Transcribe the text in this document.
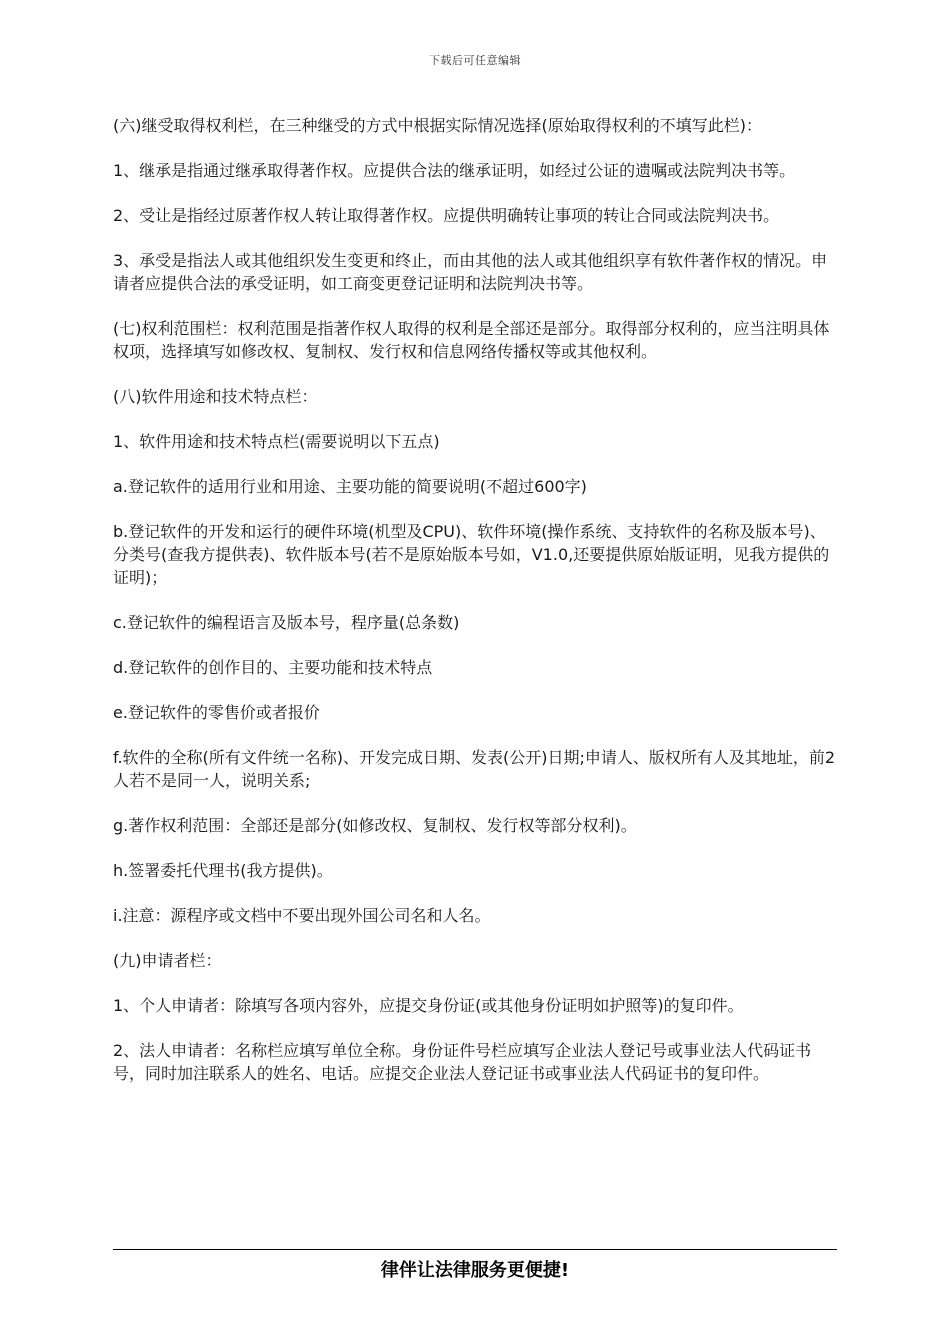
下载后可任意编辑

(六)继受取得权利栏，在三种继受的方式中根据实际情况选择(原始取得权利的不填写此栏)：

1、继承是指通过继承取得著作权。应提供合法的继承证明，如经过公证的遗嘱或法院判决书等。

2、受让是指经过原著作权人转让取得著作权。应提供明确转让事项的转让合同或法院判决书。

3、承受是指法人或其他组织发生变更和终止，而由其他的法人或其他组织享有软件著作权的情况。申请者应提供合法的承受证明，如工商变更登记证明和法院判决书等。

(七)权利范围栏：权利范围是指著作权人取得的权利是全部还是部分。取得部分权利的，应当注明具体权项，选择填写如修改权、复制权、发行权和信息网络传播权等或其他权利。

(八)软件用途和技术特点栏：

1、软件用途和技术特点栏(需要说明以下五点)

a.登记软件的适用行业和用途、主要功能的简要说明(不超过600字)

b.登记软件的开发和运行的硬件环境(机型及CPU)、软件环境(操作系统、支持软件的名称及版本号)、分类号(查我方提供表)、软件版本号(若不是原始版本号如，V1.0,还要提供原始版证明，见我方提供的证明)；

c.登记软件的编程语言及版本号，程序量(总条数)

d.登记软件的创作目的、主要功能和技术特点

e.登记软件的零售价或者报价

f.软件的全称(所有文件统一名称)、开发完成日期、发表(公开)日期;申请人、版权所有人及其地址，前2人若不是同一人，说明关系;

g.著作权利范围：全部还是部分(如修改权、复制权、发行权等部分权利)。

h.签署委托代理书(我方提供)。

i.注意：源程序或文档中不要出现外国公司名和人名。

(九)申请者栏：

1、个人申请者：除填写各项内容外，应提交身份证(或其他身份证明如护照等)的复印件。

2、法人申请者：名称栏应填写单位全称。身份证件号栏应填写企业法人登记号或事业法人代码证书号，同时加注联系人的姓名、电话。应提交企业法人登记证书或事业法人代码证书的复印件。

律伴让法律服务更便捷!
